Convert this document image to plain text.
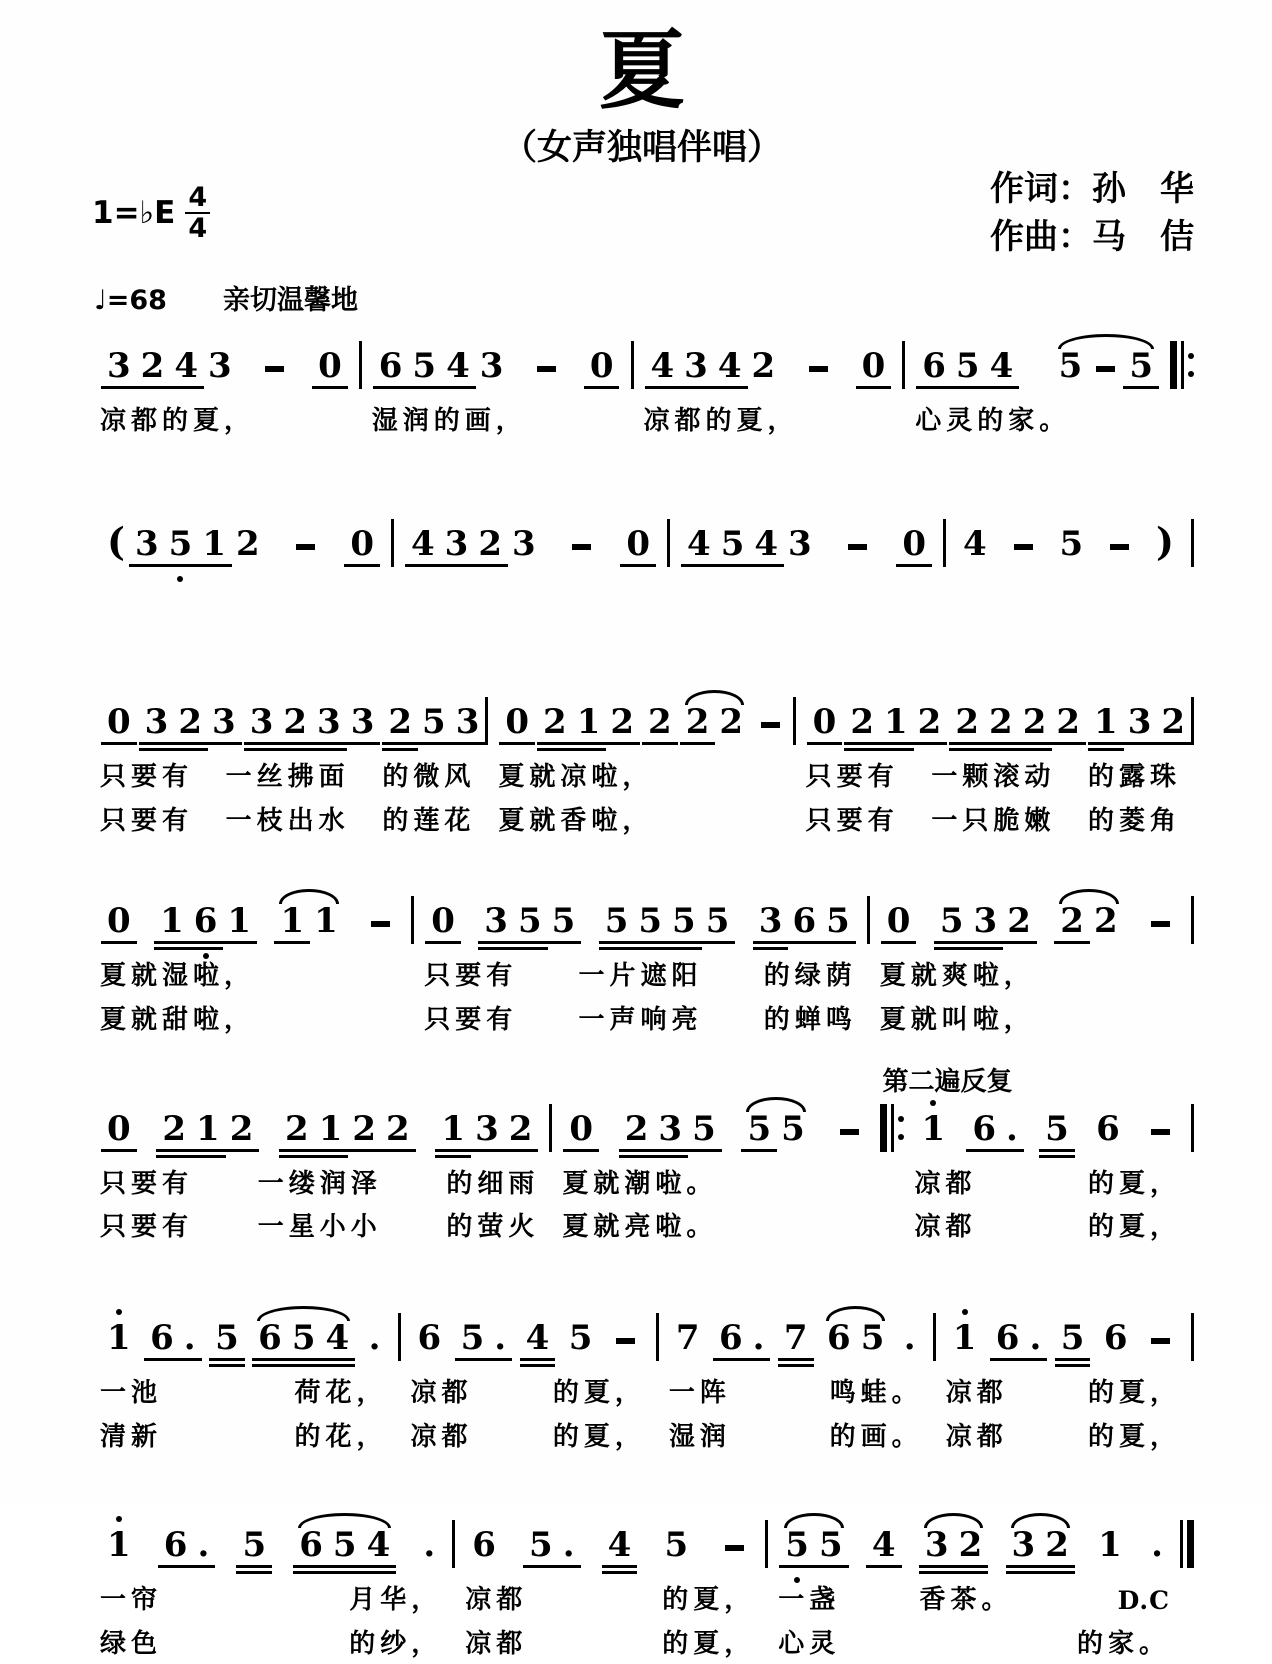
夏
（女声独唱伴唱）
1=♭E 4
4
作词：孙　华
作曲：马　佶
♩=68 亲切温馨地
3 2 4 3	0
凉都的夏，
6 5 4 3	0
湿润的画，
4 3 4 2	0
凉都的夏，
6 5 4 5 5
心灵的家。
( 3 5 1 2	0 4 3 2 3	0 4 5 4 3	0 4 5 )
0 3 2 3 3 2 3 3 2 5 3
只要有 一丝拂面 的微风
只要有 一枝出水 的莲花
0 2 1 2 2 2 2
夏就凉啦，
夏就香啦，
0 2 1 2 2 2 2 2 1 3 2
只要有 一颗滚动 的露珠
只要有 一只脆嫩 的菱角
0 1 6 1 1 1
夏就湿啦，
夏就甜啦，
0 3 5 5 5 5 5 5 3 6 5
只要有 一片遮阳 的绿荫
只要有 一声响亮 的蝉鸣
0 5 3 2 2 2
夏就爽啦，
夏就叫啦，
0 2 1 2 2 1 2 2 1 3 2
只要有 一缕润泽 的细雨
只要有 一星小小 的萤火
0 2 3 5 5 5
夏就潮啦。
夏就亮啦。
第二遍反复
1 6 . 5 6
凉都	的夏，
凉都	的夏，
1 6 . 5 6 5 4 .
一池	荷花，
清新	的花，
6 5 . 4 5
凉都	的夏，
凉都	的夏，
7 6 . 7 6 5 .
一阵	鸣蛙。
湿润	的画。
1 6 . 5 6
凉都	的夏，
凉都	的夏，
1 6 . 5 6 5 4 .
一帘	月华，
绿色	的纱，
6 5 . 4 5
凉都	的夏，
凉都	的夏，
5 5 4 3 2 3 2 1 .
一盏	香茶。	D.C
心灵	的家。
